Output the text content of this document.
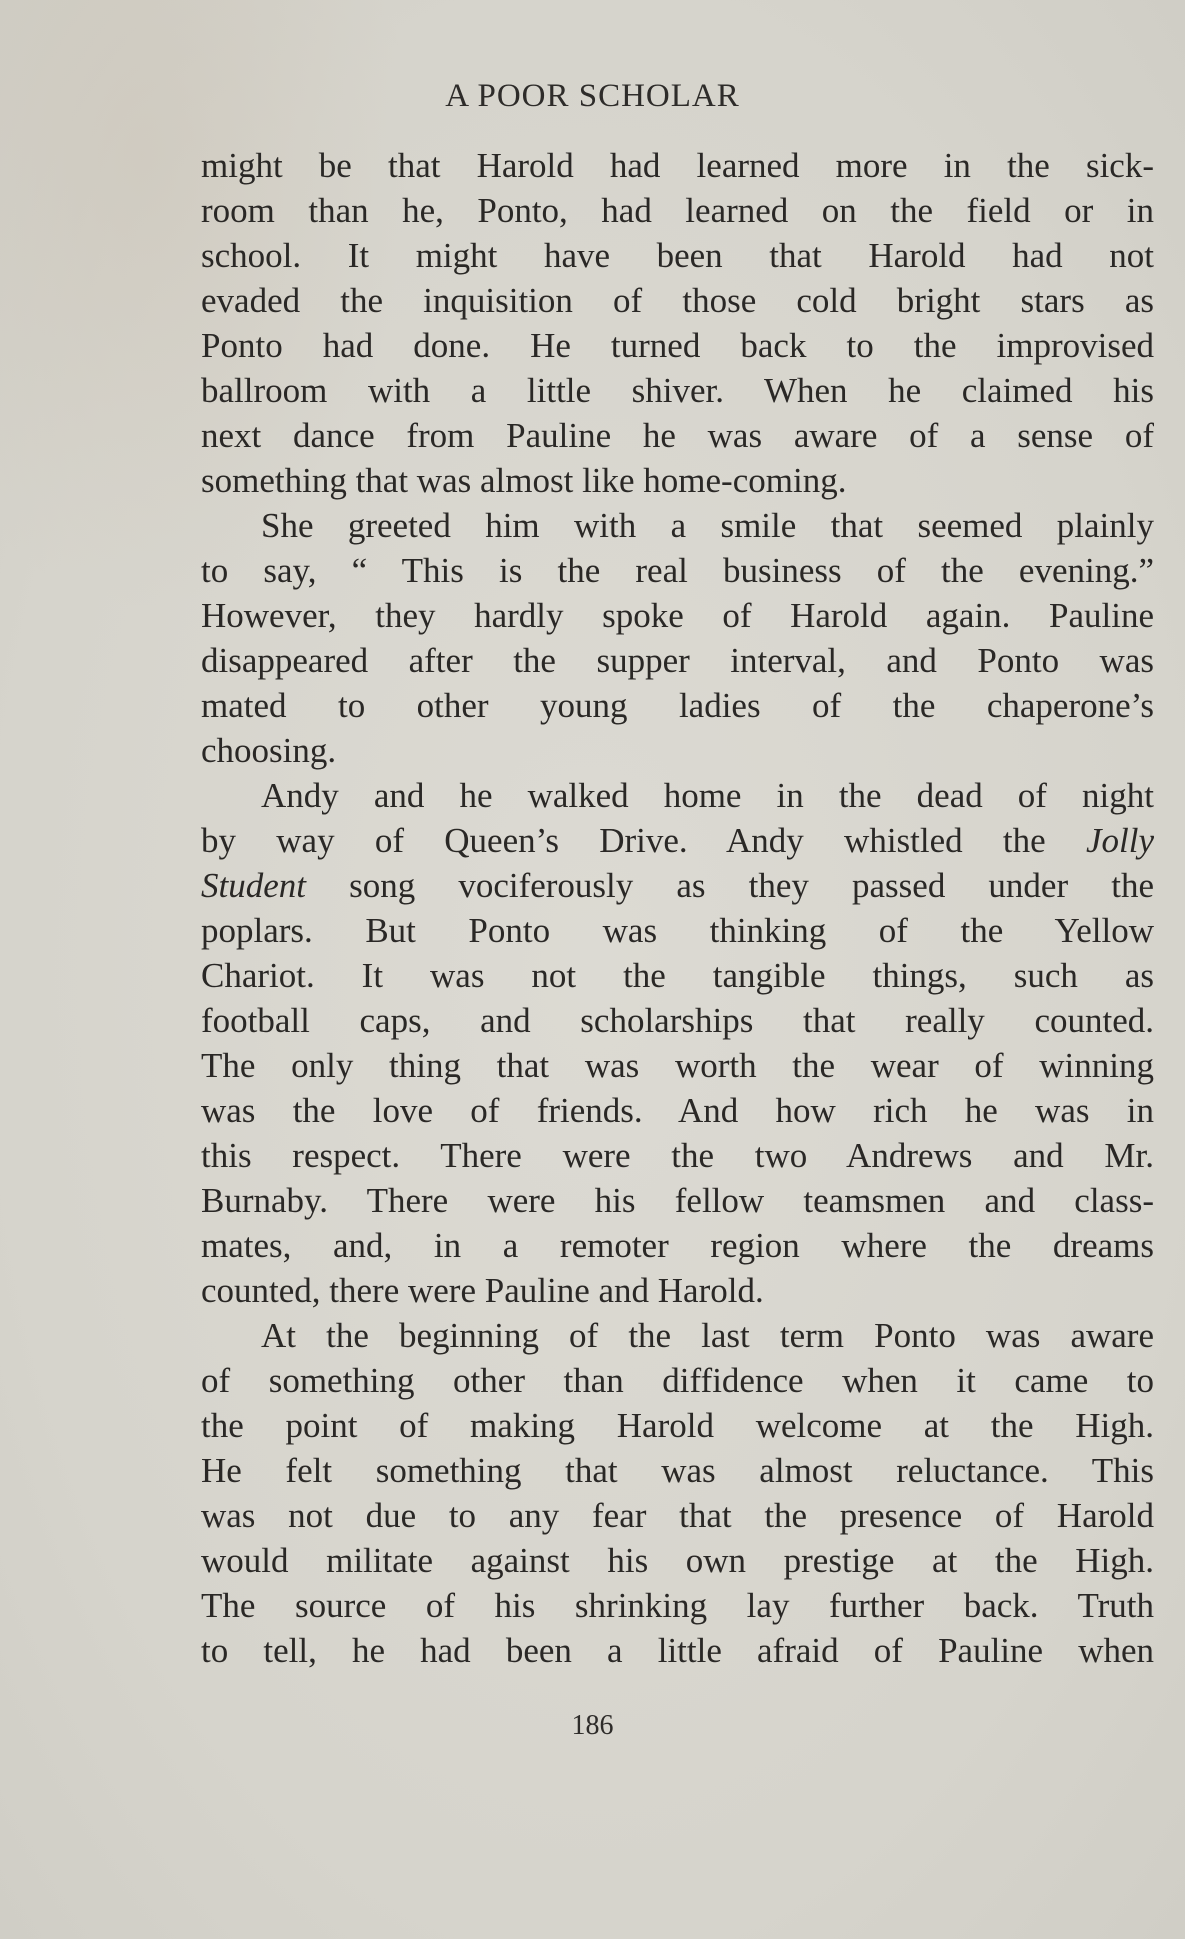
A POOR SCHOLAR
might be that Harold had learned more in the sick-
room than he, Ponto, had learned on the field or in
school. It might have been that Harold had not
evaded the inquisition of those cold bright stars as
Ponto had done. He turned back to the improvised
ballroom with a little shiver. When he claimed his
next dance from Pauline he was aware of a sense of
something that was almost like home-coming.
She greeted him with a smile that seemed plainly
to say, “ This is the real business of the evening.”
However, they hardly spoke of Harold again. Pauline
disappeared after the supper interval, and Ponto was
mated to other young ladies of the chaperone’s
choosing.
Andy and he walked home in the dead of night
by way of Queen’s Drive. Andy whistled the Jolly
Student song vociferously as they passed under the
poplars. But Ponto was thinking of the Yellow
Chariot. It was not the tangible things, such as
football caps, and scholarships that really counted.
The only thing that was worth the wear of winning
was the love of friends. And how rich he was in
this respect. There were the two Andrews and Mr.
Burnaby. There were his fellow teamsmen and class-
mates, and, in a remoter region where the dreams
counted, there were Pauline and Harold.
At the beginning of the last term Ponto was aware
of something other than diffidence when it came to
the point of making Harold welcome at the High.
He felt something that was almost reluctance. This
was not due to any fear that the presence of Harold
would militate against his own prestige at the High.
The source of his shrinking lay further back. Truth
to tell, he had been a little afraid of Pauline when
186
